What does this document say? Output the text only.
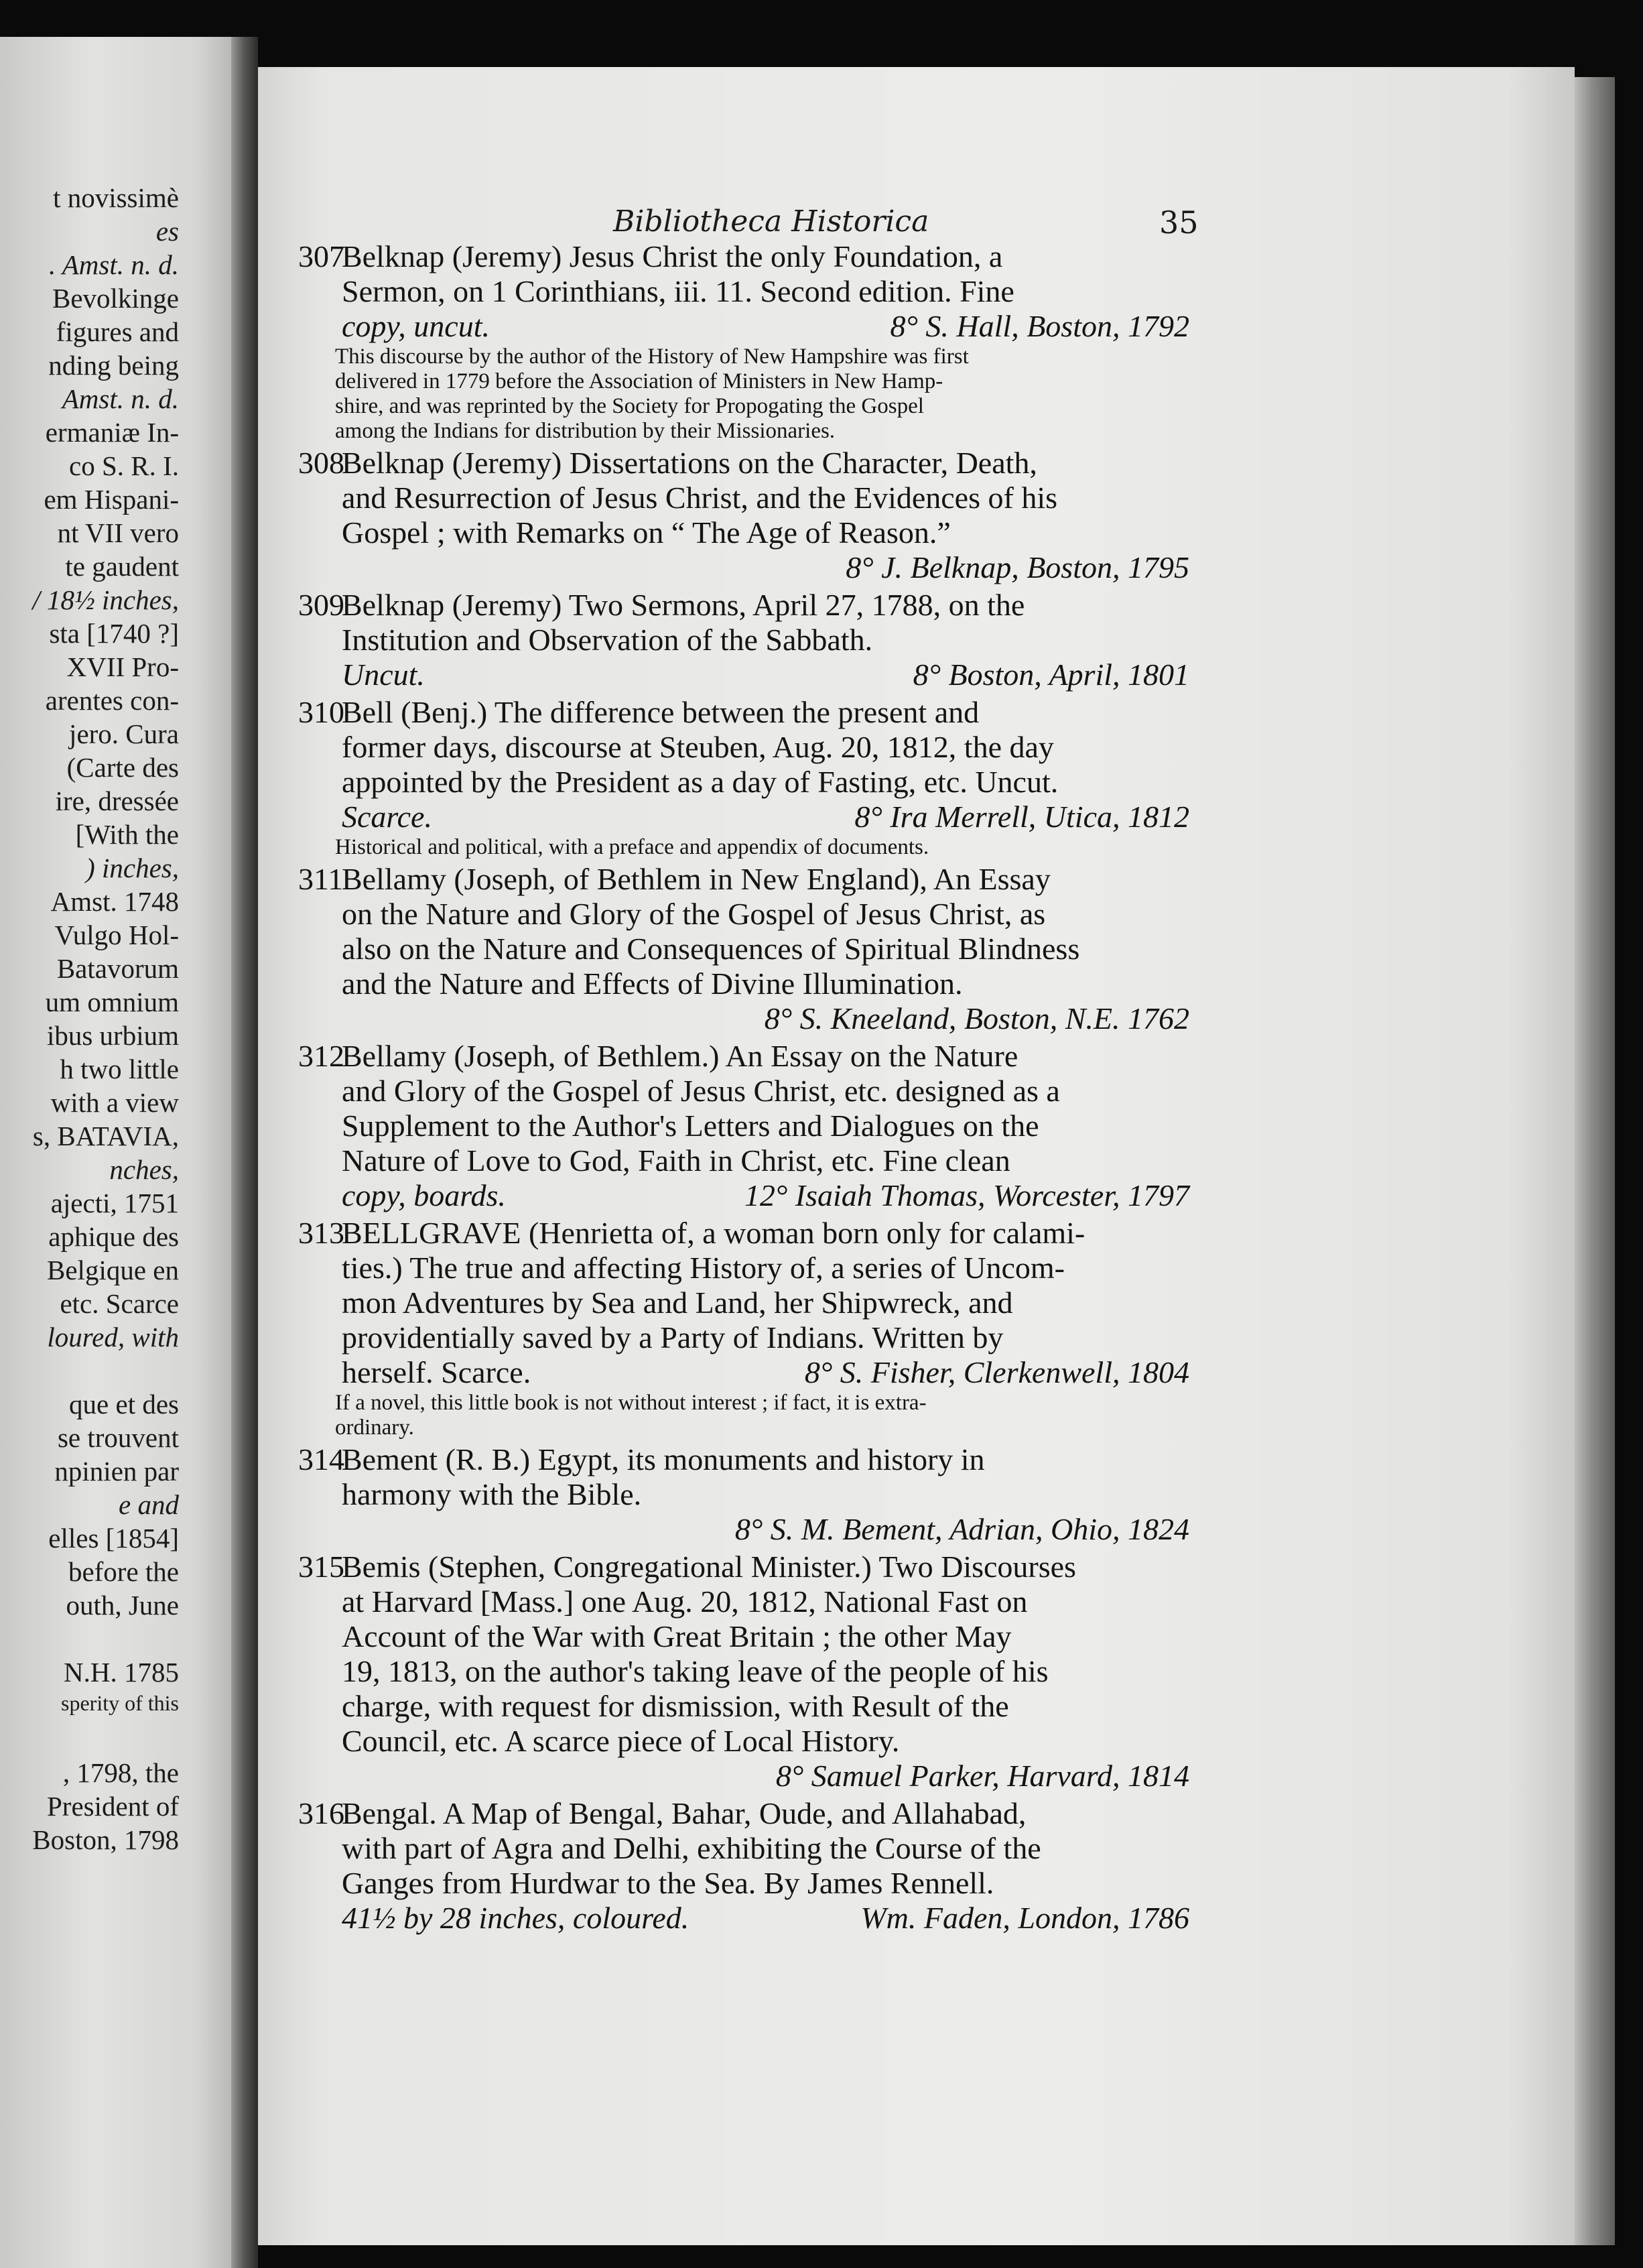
t novissimè
es
. Amst. n. d.
Bevolkinge
figures and
nding being
Amst. n. d.
ermaniæ In-
co S. R. I.
em Hispani-
nt VII vero
te gaudent
/ 18½ inches,
sta [1740 ?]
XVII Pro-
arentes con-
jero. Cura
(Carte des
ire, dressée
[With the
) inches,
Amst. 1748
Vulgo Hol-
Batavorum
um omnium
ibus urbium
h two little
with a view
s, BATAVIA,
nches,
ajecti, 1751
aphique des
Belgique en
etc. Scarce
loured, with
que et des
se trouvent
npinien par
e and
elles [1854]
before the
outh, June
N.H. 1785
sperity of this
, 1798, the
President of
Boston, 1798
Bibliotheca Historica	35
307
Belknap (Jeremy) Jesus Christ the only Foundation, a
Sermon, on 1 Corinthians, iii. 11. Second edition. Fine
copy, uncut.	8° S. Hall, Boston, 1792
This discourse by the author of the History of New Hampshire was first
delivered in 1779 before the Association of Ministers in New Hamp-
shire, and was reprinted by the Society for Propogating the Gospel
among the Indians for distribution by their Missionaries.
308
Belknap (Jeremy) Dissertations on the Character, Death,
and Resurrection of Jesus Christ, and the Evidences of his
Gospel ; with Remarks on “ The Age of Reason.”
8° J. Belknap, Boston, 1795
309
Belknap (Jeremy) Two Sermons, April 27, 1788, on the
Institution and Observation of the Sabbath.
Uncut.	8° Boston, April, 1801
310
Bell (Benj.) The difference between the present and
former days, discourse at Steuben, Aug. 20, 1812, the day
appointed by the President as a day of Fasting, etc. Uncut.
Scarce.	8° Ira Merrell, Utica, 1812
Historical and political, with a preface and appendix of documents.
311
Bellamy (Joseph, of Bethlem in New England), An Essay
on the Nature and Glory of the Gospel of Jesus Christ, as
also on the Nature and Consequences of Spiritual Blindness
and the Nature and Effects of Divine Illumination.
8° S. Kneeland, Boston, N.E. 1762
312
Bellamy (Joseph, of Bethlem.) An Essay on the Nature
and Glory of the Gospel of Jesus Christ, etc. designed as a
Supplement to the Author's Letters and Dialogues on the
Nature of Love to God, Faith in Christ, etc. Fine clean
copy, boards.	12° Isaiah Thomas, Worcester, 1797
313
BELLGRAVE (Henrietta of, a woman born only for calami-
ties.) The true and affecting History of, a series of Uncom-
mon Adventures by Sea and Land, her Shipwreck, and
providentially saved by a Party of Indians. Written by
herself. Scarce.	8° S. Fisher, Clerkenwell, 1804
If a novel, this little book is not without interest ; if fact, it is extra-
ordinary.
314
Bement (R. B.) Egypt, its monuments and history in
harmony with the Bible.
8° S. M. Bement, Adrian, Ohio, 1824
315
Bemis (Stephen, Congregational Minister.) Two Discourses
at Harvard [Mass.] one Aug. 20, 1812, National Fast on
Account of the War with Great Britain ; the other May
19, 1813, on the author's taking leave of the people of his
charge, with request for dismission, with Result of the
Council, etc. A scarce piece of Local History.
8° Samuel Parker, Harvard, 1814
316
Bengal. A Map of Bengal, Bahar, Oude, and Allahabad,
with part of Agra and Delhi, exhibiting the Course of the
Ganges from Hurdwar to the Sea. By James Rennell.
41½ by 28 inches, coloured.	Wm. Faden, London, 1786
